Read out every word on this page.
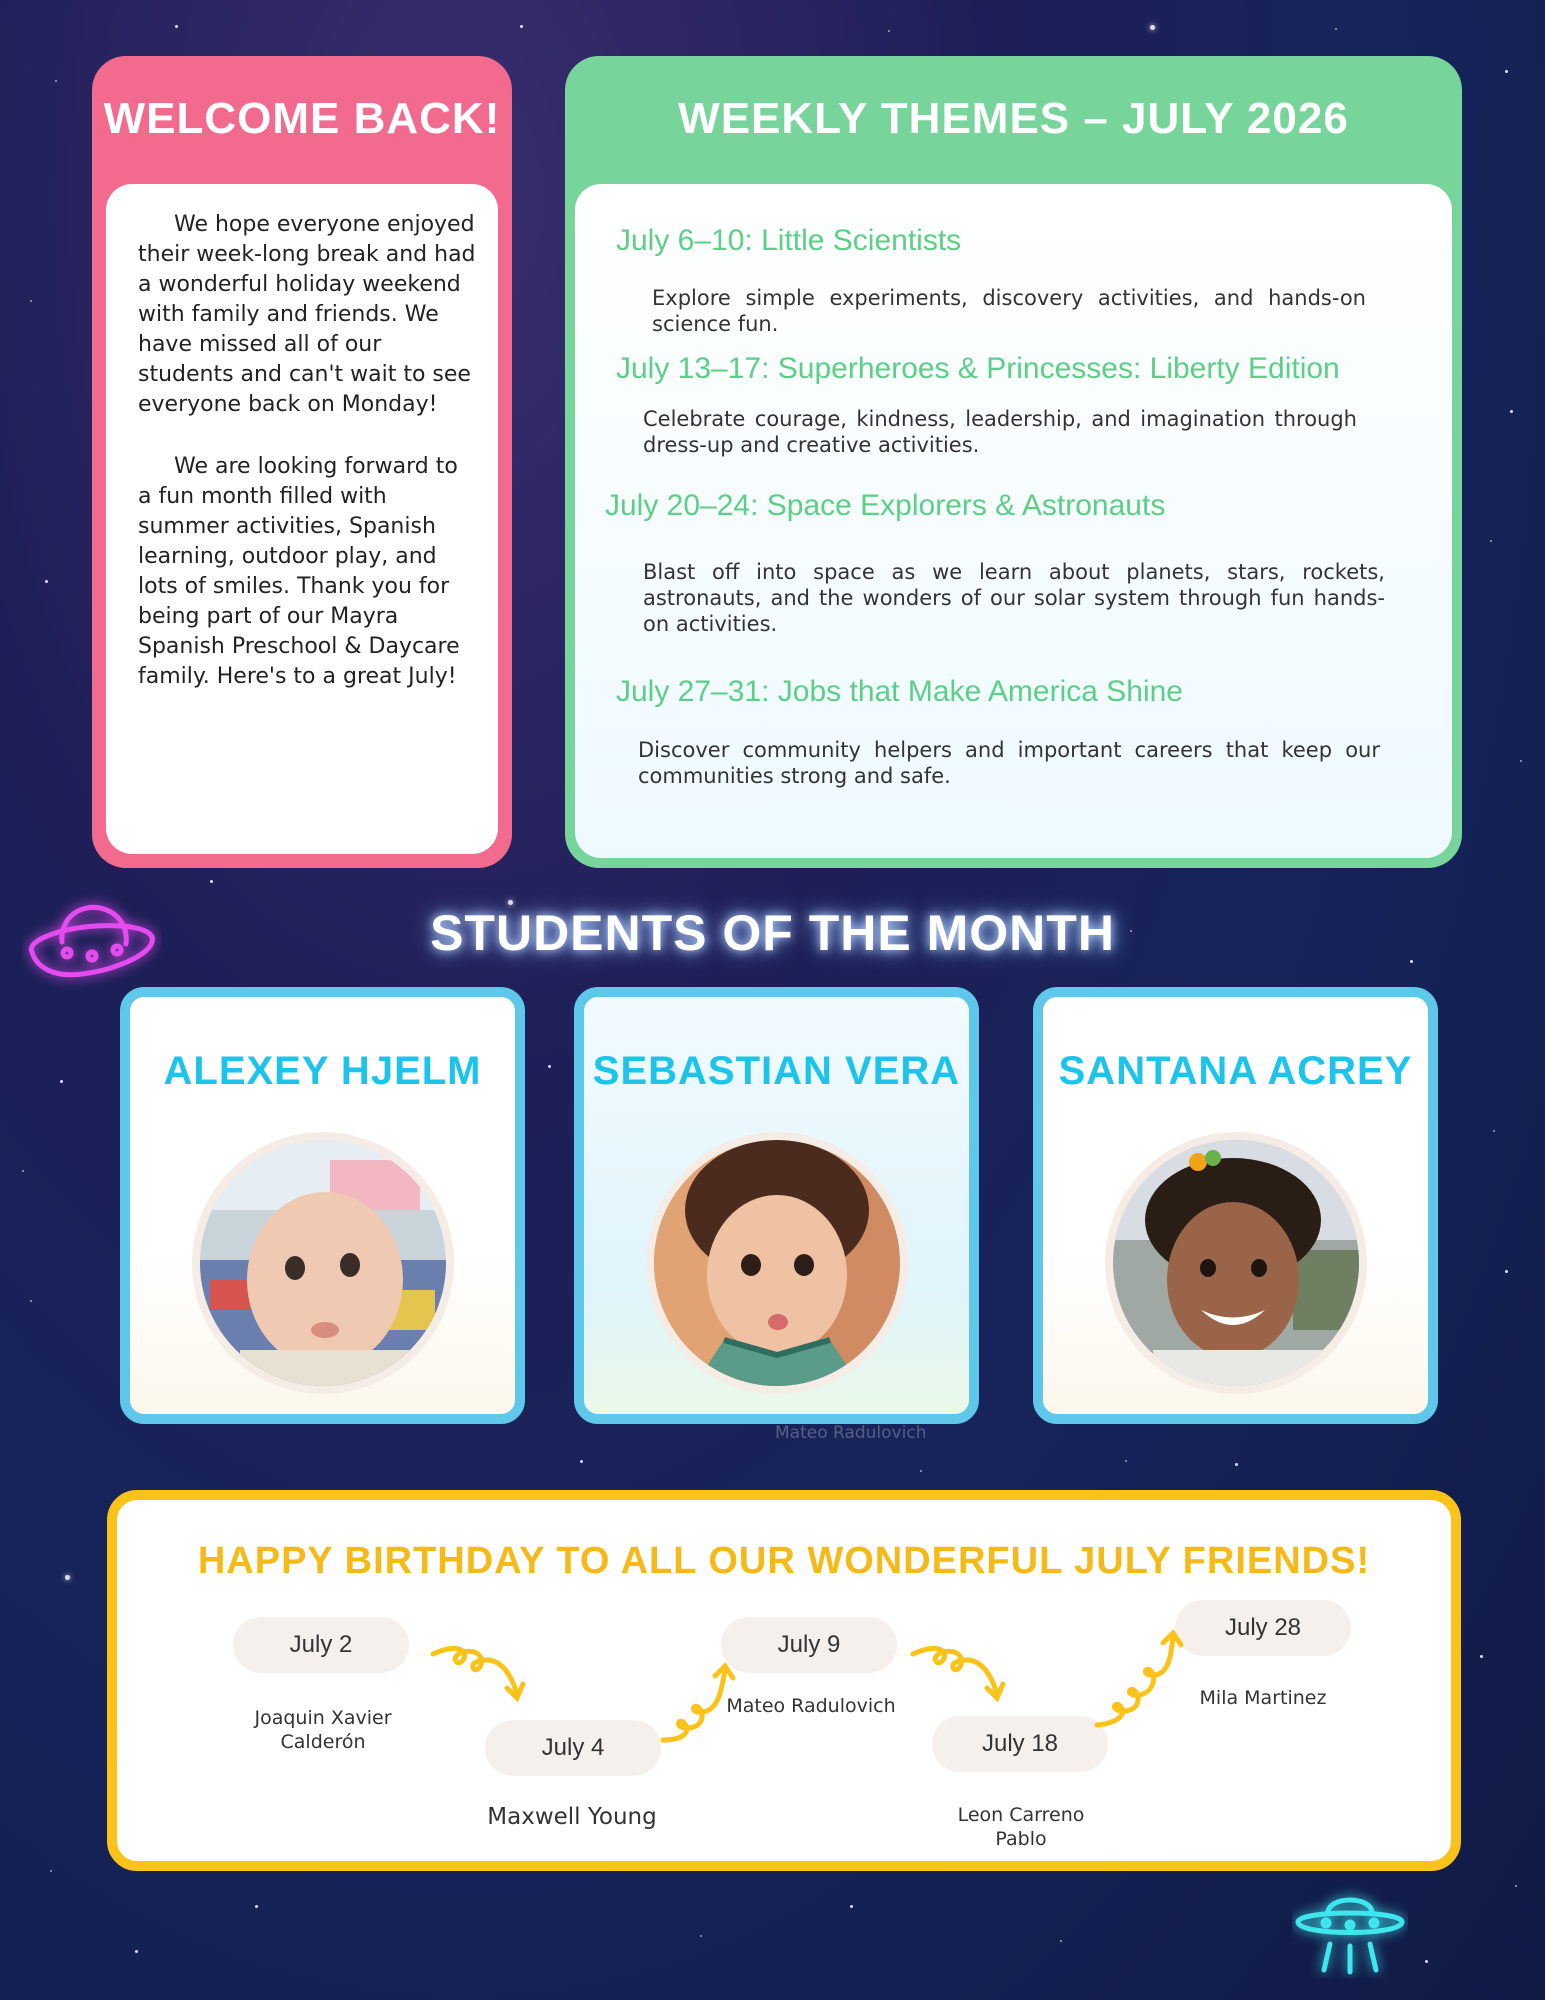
WELCOME BACK!

We hope everyone enjoyed their week-long break and had a wonderful holiday weekend with family and friends. We have missed all of our students and can't wait to see everyone back on Monday!

We are looking forward to a fun month filled with summer activities, Spanish learning, outdoor play, and lots of smiles. Thank you for being part of our Mayra Spanish Preschool & Daycare family. Here's to a great July!

WEEKLY THEMES – JULY 2026
July 6–10: Little Scientists
Explore simple experiments, discovery activities, and hands-on science fun.
July 13–17: Superheroes & Princesses: Liberty Edition
Celebrate courage, kindness, leadership, and imagination through dress-up and creative activities.
July 20–24: Space Explorers & Astronauts
Blast off into space as we learn about planets, stars, rockets, astronauts, and the wonders of our solar system through fun hands-on activities.
July 27–31: Jobs that Make America Shine
Discover community helpers and important careers that keep our communities strong and safe.
STUDENTS OF THE MONTH
ALEXEY HJELM	SEBASTIAN VERA	SANTANA ACREY
Mateo Radulovich
HAPPY BIRTHDAY TO ALL OUR WONDERFUL JULY FRIENDS!
July 2
Joaquin Xavier Calderón	July 4
Maxwell Young
July 9
Mateo Radulovich
July 18
Leon Carreno Pablo
July 28
Mila Martinez
